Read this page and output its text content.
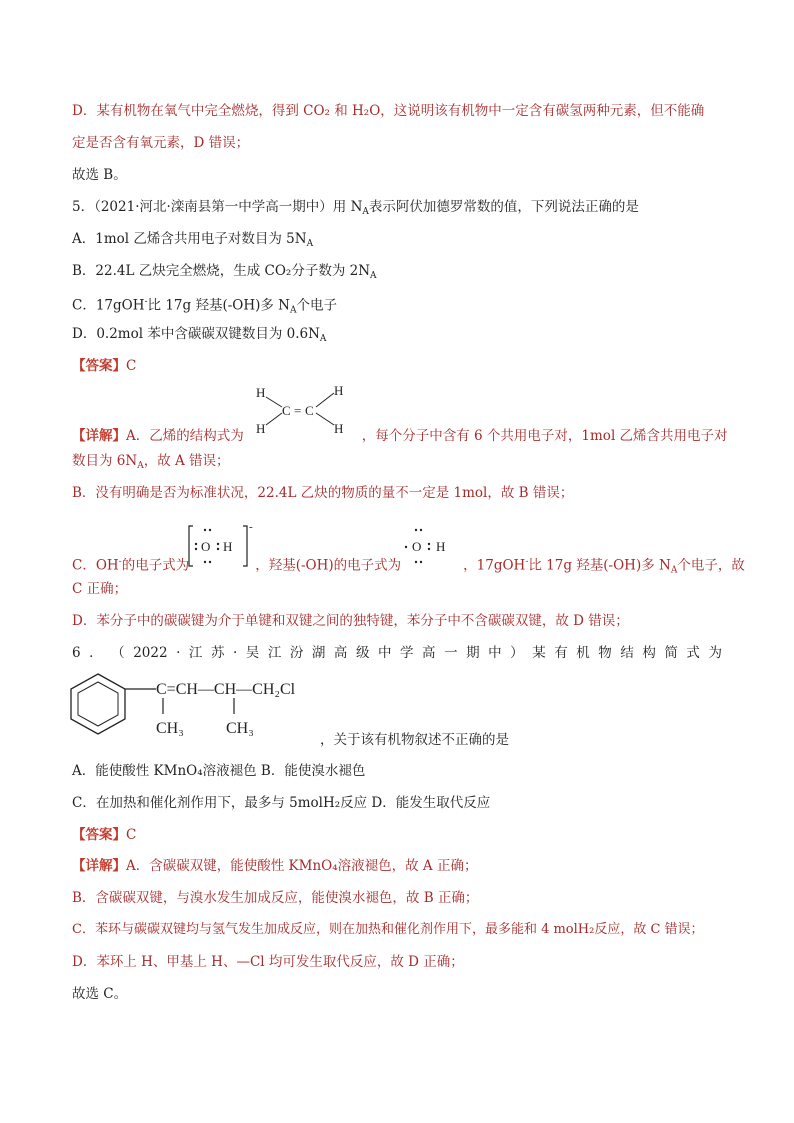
D．某有机物在氧气中完全燃烧，得到 CO₂ 和 H₂O，这说明该有机物中一定含有碳氢两种元素，但不能确
定是否含有氧元素，D 错误；
故选 B。
5．（2021·河北·滦南县第一中学高一期中）用 $N_A$表示阿伏加德罗常数的值，下列说法正确的是
A．1mol 乙烯含共用电子对数目为 $5N_A$
B．22.4L 乙炔完全燃烧，生成 CO₂分子数为 $2N_A$
C．17gOH-比 17g 羟基(-OH)多 $N_A$个电子
D．0.2mol 苯中含碳碳双键数目为 $0.6N_A$
【答案】C
H
H
C = C
H
H
【详解】A．乙烯的结构式为	，每个分子中含有 6 个共用电子对，1mol 乙烯含共用电子对
数目为 $6N_A$，故 A 错误；
B．没有明确是否为标准状况，22.4L 乙炔的物质的量不一定是 1mol，故 B 错误；
-
O H	O H
C．OH-的电子式为	，羟基(-OH)的电子式为	，17gOH-比 17g 羟基(-OH)多 $N_A$个电子，故
C 正确；
D．苯分子中的碳碳键为介于单键和双键之间的独特键，苯分子中不含碳碳双键，故 D 错误；
6 ． （ 2022 · 江 苏 · 吴 江 汾 湖 高 级 中 学 高 一 期 中 ） 某 有 机 物 结 构 简 式 为
C=CH—CH—CH₂Cl
CH₃	CH₃
，关于该有机物叙述不正确的是
A．能使酸性 KMnO₄溶液褪色 B．能使溴水褪色
C．在加热和催化剂作用下，最多与 5molH₂反应 D．能发生取代反应
【答案】C
【详解】A．含碳碳双键，能使酸性 KMnO₄溶液褪色，故 A 正确；
B．含碳碳双键，与溴水发生加成反应，能使溴水褪色，故 B 正确；
C．苯环与碳碳双键均与氢气发生加成反应，则在加热和催化剂作用下，最多能和 4 molH₂反应，故 C 错误；
D．苯环上 H、甲基上 H、—Cl 均可发生取代反应，故 D 正确；
故选 C。
